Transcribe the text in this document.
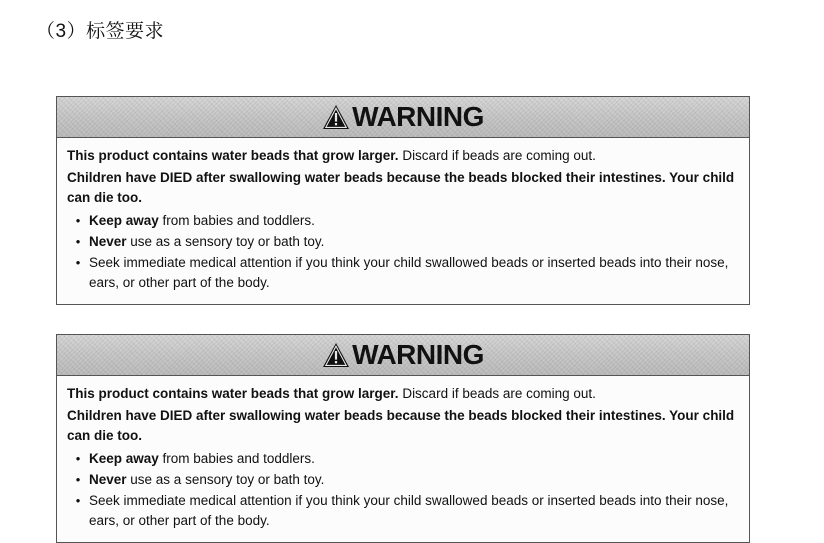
（3）标签要求
WARNING

This product contains water beads that grow larger. Discard if beads are coming out.

Children have DIED after swallowing water beads because the beads blocked their intestines. Your child can die too.

• Keep away from babies and toddlers.
• Never use as a sensory toy or bath toy.
• Seek immediate medical attention if you think your child swallowed beads or inserted beads into their nose, ears, or other part of the body.
WARNING

This product contains water beads that grow larger. Discard if beads are coming out.

Children have DIED after swallowing water beads because the beads blocked their intestines. Your child can die too.

• Keep away from babies and toddlers.
• Never use as a sensory toy or bath toy.
• Seek immediate medical attention if you think your child swallowed beads or inserted beads into their nose, ears, or other part of the body.
